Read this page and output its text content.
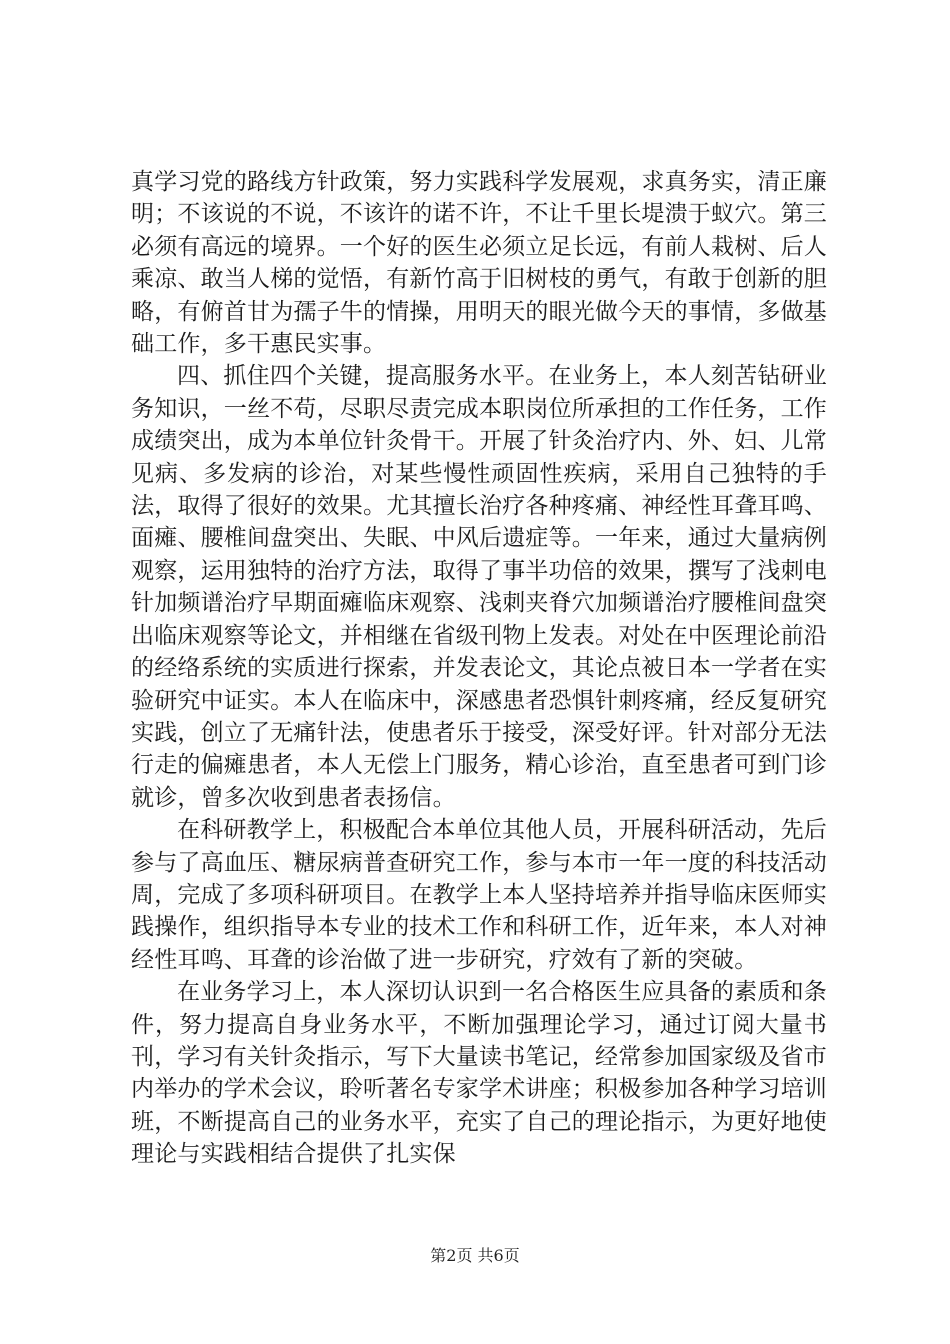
真学习党的路线方针政策，努力实践科学发展观，求真务实，清正廉明；不该说的不说，不该许的诺不许，不让千里长堤溃于蚁穴。第三必须有高远的境界。一个好的医生必须立足长远，有前人栽树、后人乘凉、敢当人梯的觉悟，有新竹高于旧树枝的勇气，有敢于创新的胆略，有俯首甘为孺子牛的情操，用明天的眼光做今天的事情，多做基础工作，多干惠民实事。

四、抓住四个关键，提高服务水平。在业务上，本人刻苦钻研业务知识，一丝不苟，尽职尽责完成本职岗位所承担的工作任务，工作成绩突出，成为本单位针灸骨干。开展了针灸治疗内、外、妇、儿常见病、多发病的诊治，对某些慢性顽固性疾病，采用自己独特的手法，取得了很好的效果。尤其擅长治疗各种疼痛、神经性耳聋耳鸣、面瘫、腰椎间盘突出、失眠、中风后遗症等。一年来，通过大量病例观察，运用独特的治疗方法，取得了事半功倍的效果，撰写了浅刺电针加频谱治疗早期面瘫临床观察、浅刺夹脊穴加频谱治疗腰椎间盘突出临床观察等论文，并相继在省级刊物上发表。对处在中医理论前沿的经络系统的实质进行探索，并发表论文，其论点被日本一学者在实验研究中证实。本人在临床中，深感患者恐惧针刺疼痛，经反复研究实践，创立了无痛针法，使患者乐于接受，深受好评。针对部分无法行走的偏瘫患者，本人无偿上门服务，精心诊治，直至患者可到门诊就诊，曾多次收到患者表扬信。

在科研教学上，积极配合本单位其他人员，开展科研活动，先后参与了高血压、糖尿病普查研究工作，参与本市一年一度的科技活动周，完成了多项科研项目。在教学上本人坚持培养并指导临床医师实践操作，组织指导本专业的技术工作和科研工作，近年来，本人对神经性耳鸣、耳聋的诊治做了进一步研究，疗效有了新的突破。

在业务学习上，本人深切认识到一名合格医生应具备的素质和条件，努力提高自身业务水平，不断加强理论学习，通过订阅大量书刊，学习有关针灸指示，写下大量读书笔记，经常参加国家级及省市内举办的学术会议，聆听著名专家学术讲座；积极参加各种学习培训班，不断提高自己的业务水平，充实了自己的理论指示，为更好地使理论与实践相结合提供了扎实保

第2页 共6页
